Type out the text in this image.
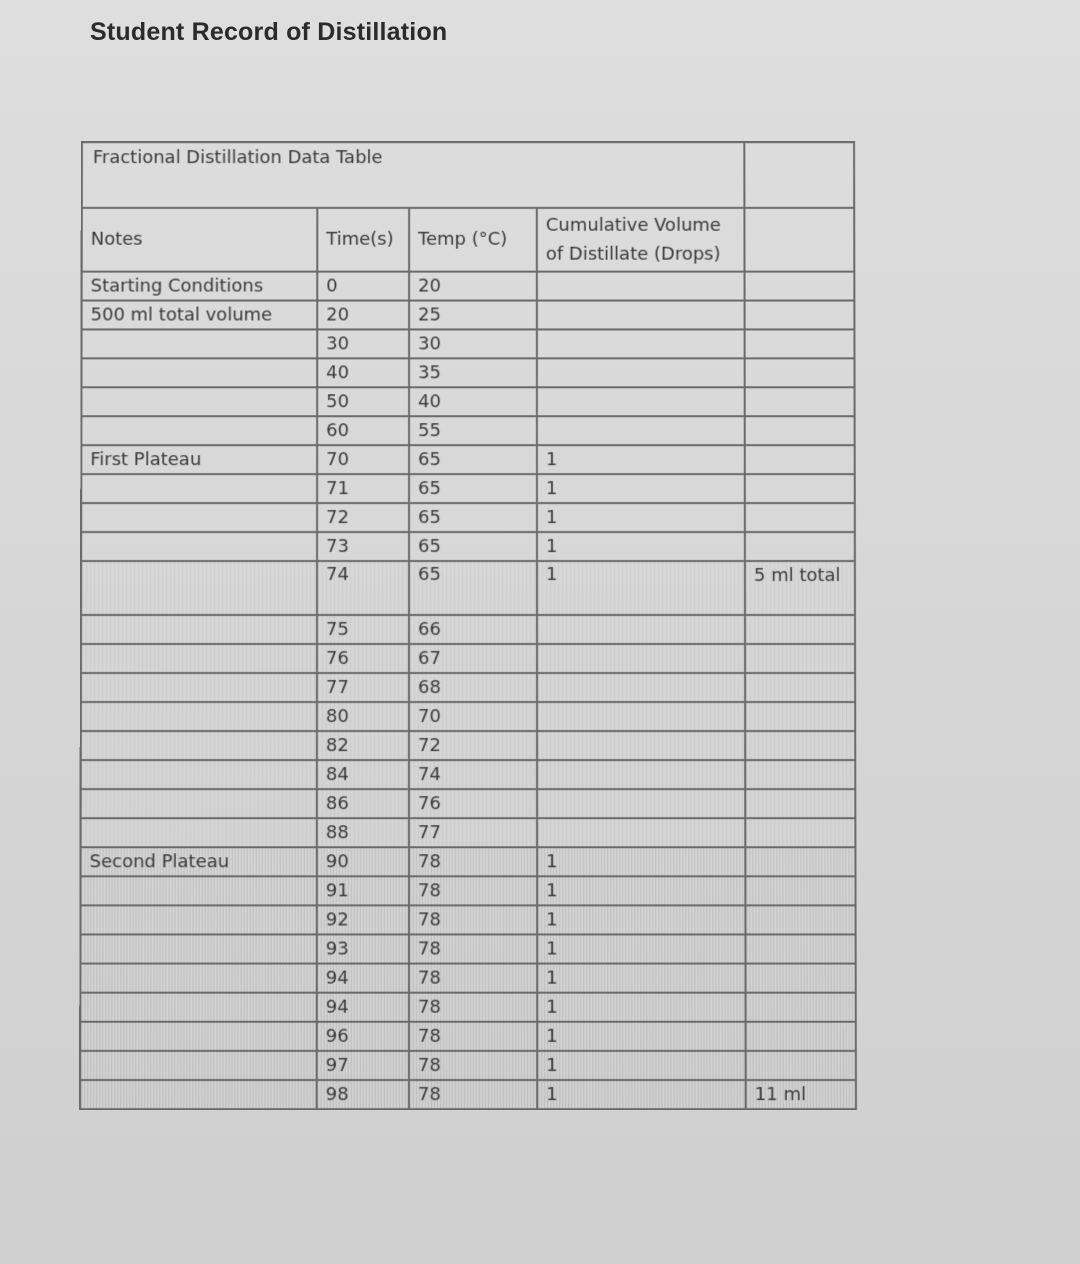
Student Record of Distillation
Fractional Distillation Data Table				
Notes	Time(s)	Temp (°C)	Cumulative Volume of Distillate (Drops)	
Starting Conditions	0	20		
500 ml total volume	20	25		
	30	30		
	40	35		
	50	40		
	60	55		
First Plateau	70	65	1	
	71	65	1	
	72	65	1	
	73	65	1	
	74	65	1	5 ml total
	75	66		
	76	67		
	77	68		
	80	70		
	82	72		
	84	74		
	86	76		
	88	77		
Second Plateau	90	78	1	
	91	78	1	
	92	78	1	
	93	78	1	
	94	78	1	
	94	78	1	
	96	78	1	
	97	78	1	
	98	78	1	11 ml
